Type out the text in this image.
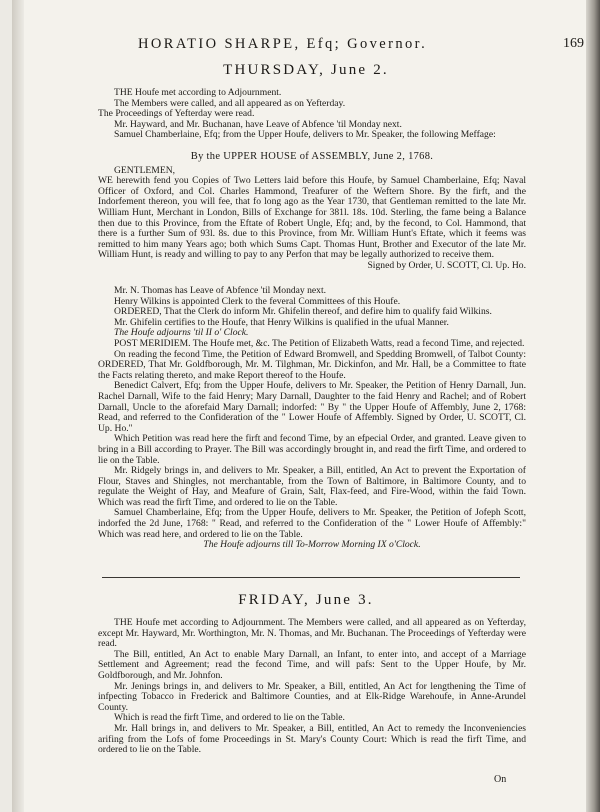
HORATIO SHARPE, Efq; Governor.	169
THURSDAY, June 2.

THE Houfe met according to Adjournment.

The Members were called, and all appeared as on Yefterday.

The Proceedings of Yefterday were read.

Mr. Hayward, and Mr. Buchanan, have Leave of Abfence 'til Monday next.

Samuel Chamberlaine, Efq; from the Upper Houfe, delivers to Mr. Speaker, the following Meffage:

By the UPPER HOUSE of ASSEMBLY, June 2, 1768.

GENTLEMEN,

WE herewith fend you Copies of Two Letters laid before this Houfe, by Samuel Chamberlaine, Efq; Naval Officer of Oxford, and Col. Charles Hammond, Treafurer of the Weftern Shore. By the firft, and the Indorfement thereon, you will fee, that fo long ago as the Year 1730, that Gentleman remitted to the late Mr. William Hunt, Merchant in London, Bills of Exchange for 381l. 18s. 10d. Sterling, the fame being a Balance then due to this Province, from the Eftate of Robert Ungle, Efq; and, by the fecond, to Col. Hammond, that there is a further Sum of 93l. 8s. due to this Province, from Mr. William Hunt's Eftate, which it feems was remitted to him many Years ago; both which Sums Capt. Thomas Hunt, Brother and Executor of the late Mr. William Hunt, is ready and willing to pay to any Perfon that may be legally authorized to receive them.

Signed by Order, U. SCOTT, Cl. Up. Ho.

Mr. N. Thomas has Leave of Abfence 'til Monday next.

Henry Wilkins is appointed Clerk to the feveral Committees of this Houfe.

ORDERED, That the Clerk do inform Mr. Ghifelin thereof, and defire him to qualify faid Wilkins.

Mr. Ghifelin certifies to the Houfe, that Henry Wilkins is qualified in the ufual Manner.

The Houfe adjourns 'til II o' Clock.

POST MERIDIEM. The Houfe met, &c. The Petition of Elizabeth Watts, read a fecond Time, and rejected.

On reading the fecond Time, the Petition of Edward Bromwell, and Spedding Bromwell, of Talbot County: ORDERED, That Mr. Goldfborough, Mr. M. Tilghman, Mr. Dickinfon, and Mr. Hall, be a Committee to ftate the Facts relating thereto, and make Report thereof to the Houfe.

Benedict Calvert, Efq; from the Upper Houfe, delivers to Mr. Speaker, the Petition of Henry Darnall, Jun. Rachel Darnall, Wife to the faid Henry; Mary Darnall, Daughter to the faid Henry and Rachel; and of Robert Darnall, Uncle to the aforefaid Mary Darnall; indorfed: " By " the Upper Houfe of Affembly, June 2, 1768: Read, and referred to the Confideration of the " Lower Houfe of Affembly. Signed by Order, U. SCOTT, Cl. Up. Ho."

Which Petition was read here the firft and fecond Time, by an efpecial Order, and granted. Leave given to bring in a Bill according to Prayer. The Bill was accordingly brought in, and read the firft Time, and ordered to lie on the Table.

Mr. Ridgely brings in, and delivers to Mr. Speaker, a Bill, entitled, An Act to prevent the Exportation of Flour, Staves and Shingles, not merchantable, from the Town of Baltimore, in Baltimore County, and to regulate the Weight of Hay, and Meafure of Grain, Salt, Flax-feed, and Fire-Wood, within the faid Town. Which was read the firft Time, and ordered to lie on the Table.

Samuel Chamberlaine, Efq; from the Upper Houfe, delivers to Mr. Speaker, the Petition of Jofeph Scott, indorfed the 2d June, 1768: " Read, and referred to the Confideration of the " Lower Houfe of Affembly:" Which was read here, and ordered to lie on the Table.

The Houfe adjourns till To-Morrow Morning IX o'Clock.

FRIDAY, June 3.

THE Houfe met according to Adjournment. The Members were called, and all appeared as on Yefterday, except Mr. Hayward, Mr. Worthington, Mr. N. Thomas, and Mr. Buchanan. The Proceedings of Yefterday were read.

The Bill, entitled, An Act to enable Mary Darnall, an Infant, to enter into, and accept of a Marriage Settlement and Agreement; read the fecond Time, and will pafs: Sent to the Upper Houfe, by Mr. Goldfborough, and Mr. Johnfon.

Mr. Jenings brings in, and delivers to Mr. Speaker, a Bill, entitled, An Act for lengthening the Time of infpecting Tobacco in Frederick and Baltimore Counties, and at Elk-Ridge Warehoufe, in Anne-Arundel County.

Which is read the firft Time, and ordered to lie on the Table.

Mr. Hall brings in, and delivers to Mr. Speaker, a Bill, entitled, An Act to remedy the Inconveniencies arifing from the Lofs of fome Proceedings in St. Mary's County Court: Which is read the firft Time, and ordered to lie on the Table.

On
